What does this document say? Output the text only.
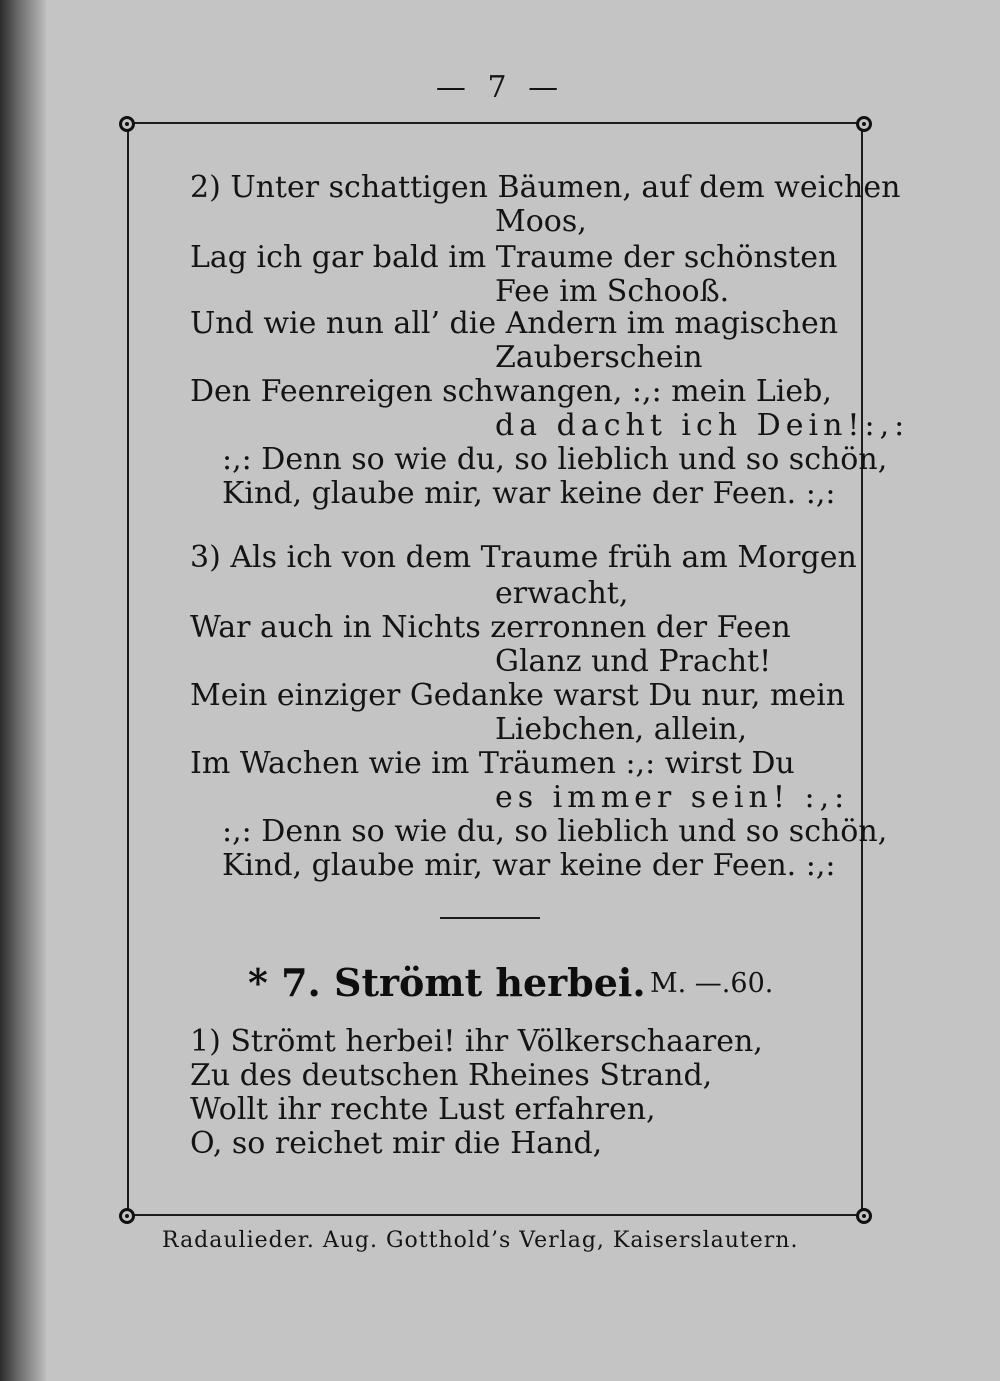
— 7 —
2) Unter schattigen Bäumen, auf dem weichen
Moos,
Lag ich gar bald im Traume der schönsten
Fee im Schooß.
Und wie nun all’ die Andern im magischen
Zauberschein
Den Feenreigen schwangen, :,: mein Lieb,
da dacht ich Dein!:,:
:,: Denn so wie du, so lieblich und so schön,
Kind, glaube mir, war keine der Feen. :,:
3) Als ich von dem Traume früh am Morgen
erwacht,
War auch in Nichts zerronnen der Feen
Glanz und Pracht!
Mein einziger Gedanke warst Du nur, mein
Liebchen, allein,
Im Wachen wie im Träumen :,: wirst Du
es immer sein! :,:
:,: Denn so wie du, so lieblich und so schön,
Kind, glaube mir, war keine der Feen. :,:
* 7. Strömt herbei. M. —.60.
1) Strömt herbei! ihr Völkerschaaren,
Zu des deutschen Rheines Strand,
Wollt ihr rechte Lust erfahren,
O, so reichet mir die Hand,
Radaulieder. Aug. Gotthold’s Verlag, Kaiserslautern.
